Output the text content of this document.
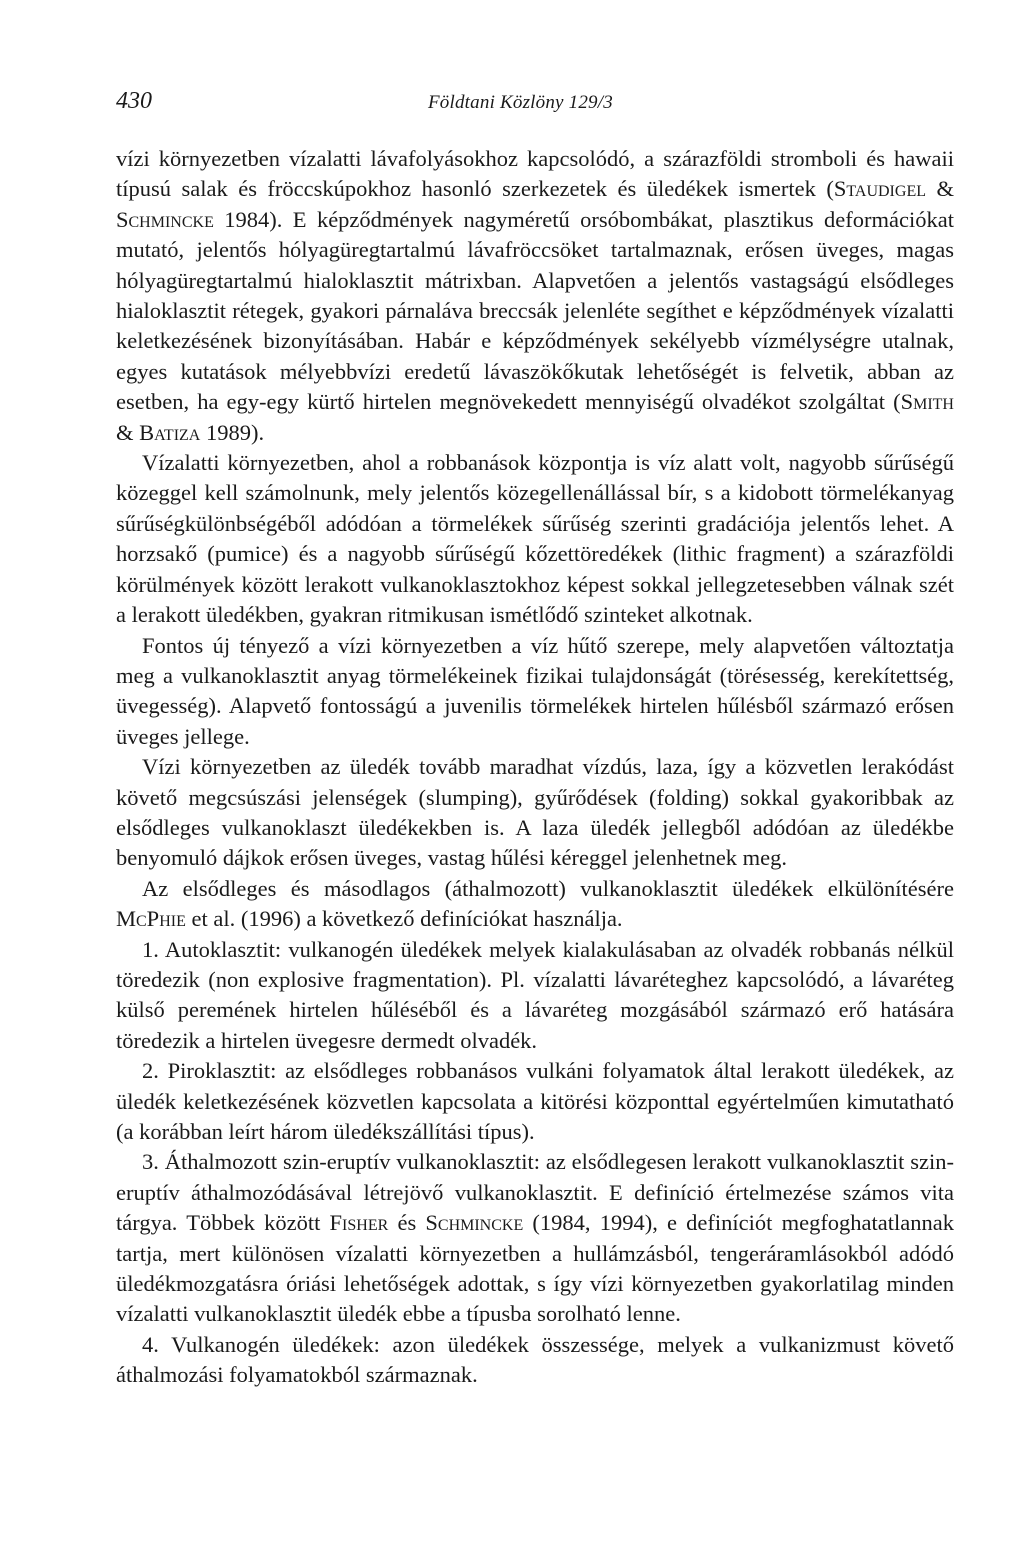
430	Földtani Közlöny 129/3

vízi környezetben vízalatti lávafolyásokhoz kapcsolódó, a szárazföldi stromboli és hawaii típusú salak és fröccskúpokhoz hasonló szerkezetek és üledékek ismertek (Staudigel & Schmincke 1984). E képződmények nagyméretű orsóbombákat, plasztikus deformációkat mutató, jelentős hólyagüregtartalmú lávafröccsöket tartalmaznak, erősen üveges, magas hólyagüregtartalmú hialoklasztit mátrixban. Alapvetően a jelentős vastagságú elsődleges hialoklasztit rétegek, gyakori párnaláva breccsák jelenléte segíthet e képződmények vízalatti keletkezésének bizonyításában. Habár e képződmények sekélyebb vízmélységre utalnak, egyes kutatások mélyebbvízi eredetű lávaszökőkutak lehetőségét is felvetik, abban az esetben, ha egy-egy kürtő hirtelen megnövekedett mennyiségű olvadékot szolgáltat (Smith & Batiza 1989).

Vízalatti környezetben, ahol a robbanások központja is víz alatt volt, nagyobb sűrűségű közeggel kell számolnunk, mely jelentős közegellenállással bír, s a kidobott törmelékanyag sűrűségkülönbségéből adódóan a törmelékek sűrűség szerinti gradációja jelentős lehet. A horzsakő (pumice) és a nagyobb sűrűségű kőzettöredékek (lithic fragment) a szárazföldi körülmények között lerakott vulkanoklasztokhoz képest sokkal jellegzetesebben válnak szét a lerakott üledékben, gyakran ritmikusan ismétlődő szinteket alkotnak.

Fontos új tényező a vízi környezetben a víz hűtő szerepe, mely alapvetően változtatja meg a vulkanoklasztit anyag törmelékeinek fizikai tulajdonságát (törésesség, kerekítettség, üvegesség). Alapvető fontosságú a juvenilis törmelékek hirtelen hűlésből származó erősen üveges jellege.

Vízi környezetben az üledék tovább maradhat vízdús, laza, így a közvetlen lerakódást követő megcsúszási jelenségek (slumping), gyűrődések (folding) sokkal gyakoribbak az elsődleges vulkanoklaszt üledékekben is. A laza üledék jellegből adódóan az üledékbe benyomuló dájkok erősen üveges, vastag hűlési kéreggel jelenhetnek meg.

Az elsődleges és másodlagos (áthalmozott) vulkanoklasztit üledékek elkülönítésére McPhie et al. (1996) a következő definíciókat használja.

1. Autoklasztit: vulkanogén üledékek melyek kialakulásaban az olvadék robbanás nélkül töredezik (non explosive fragmentation). Pl. vízalatti lávaréteghez kapcsolódó, a lávaréteg külső peremének hirtelen hűléséből és a lávaréteg mozgásából származó erő hatására töredezik a hirtelen üvegesre dermedt olvadék.

2. Piroklasztit: az elsődleges robbanásos vulkáni folyamatok által lerakott üledékek, az üledék keletkezésének közvetlen kapcsolata a kitörési központtal egyértelműen kimutatható (a korábban leírt három üledékszállítási típus).

3. Áthalmozott szin-eruptív vulkanoklasztit: az elsődlegesen lerakott vulkanoklasztit szin-eruptív áthalmozódásával létrejövő vulkanoklasztit. E definíció értelmezése számos vita tárgya. Többek között Fisher és Schmincke (1984, 1994), e definíciót megfoghatatlannak tartja, mert különösen vízalatti környezetben a hullámzásból, tengeráramlásokból adódó üledékmozgatásra óriási lehetőségek adottak, s így vízi környezetben gyakorlatilag minden vízalatti vulkanoklasztit üledék ebbe a típusba sorolható lenne.

4. Vulkanogén üledékek: azon üledékek összessége, melyek a vulkanizmust követő áthalmozási folyamatokból származnak.
